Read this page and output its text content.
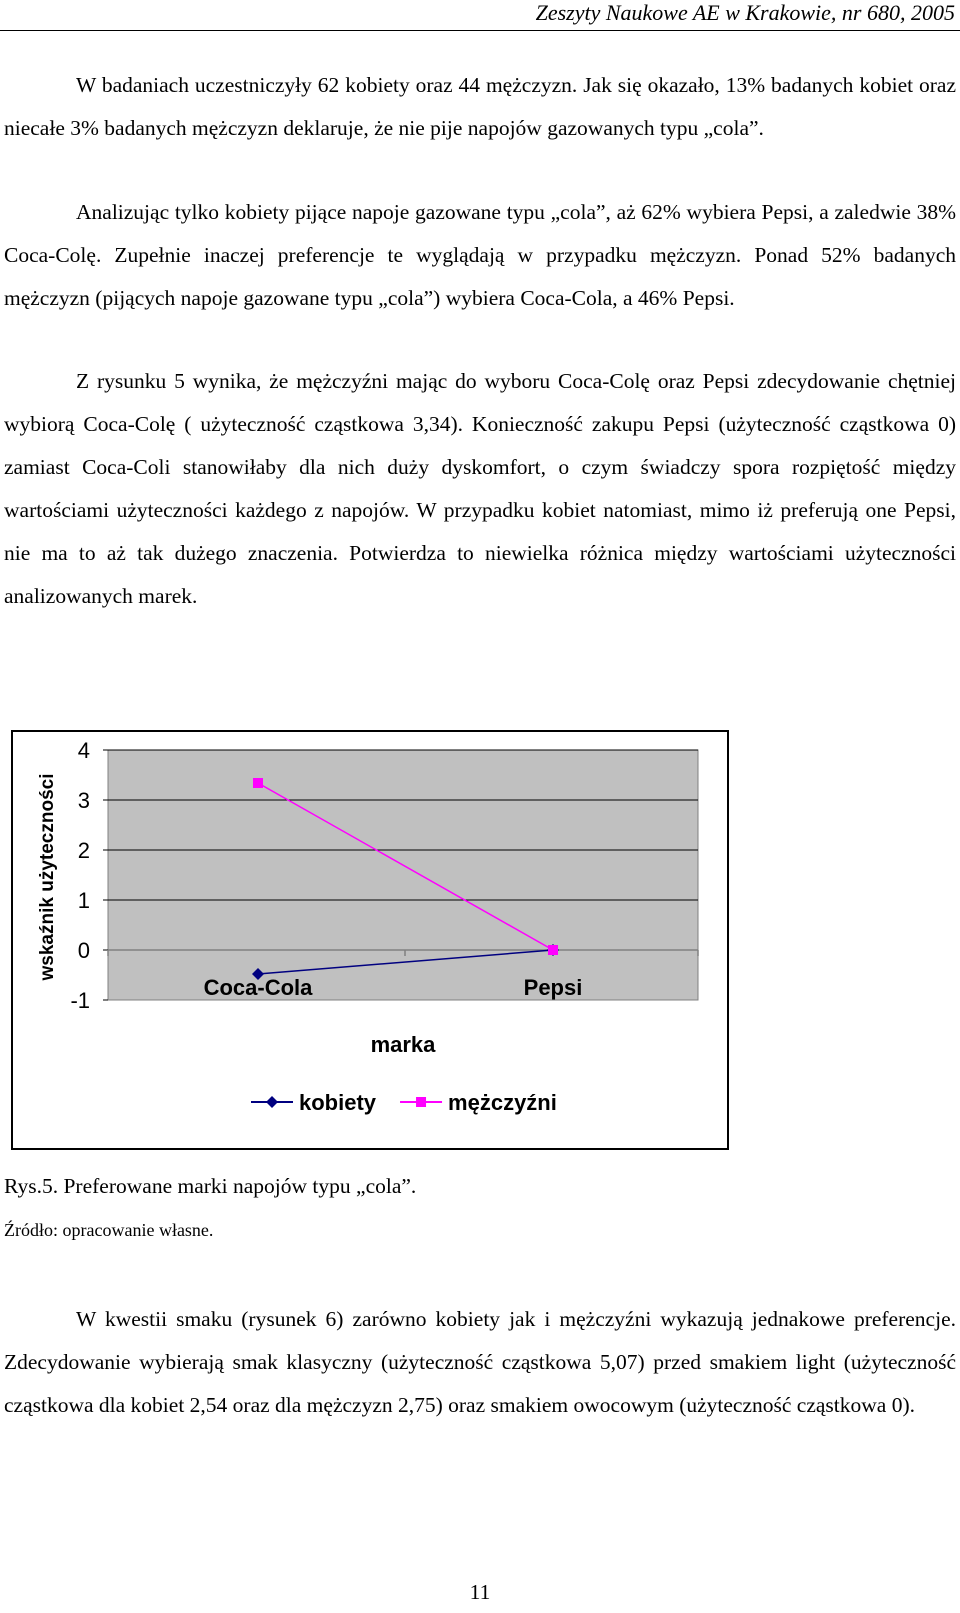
Zeszyty Naukowe AE w Krakowie, nr 680, 2005

W badaniach uczestniczyły 62 kobiety oraz 44 mężczyzn. Jak się okazało, 13% badanych kobiet oraz niecałe 3% badanych mężczyzn deklaruje, że nie pije napojów gazowanych typu „cola”.

Analizując tylko kobiety pijące napoje gazowane typu „cola”, aż 62% wybiera Pepsi, a zaledwie 38% Coca-Colę. Zupełnie inaczej preferencje te wyglądają w przypadku mężczyzn. Ponad 52% badanych mężczyzn (pijących napoje gazowane typu „cola”) wybiera Coca-Cola, a 46% Pepsi.

Z rysunku 5 wynika, że mężczyźni mając do wyboru Coca-Colę oraz Pepsi zdecydowanie chętniej wybiorą Coca-Colę ( użyteczność cząstkowa 3,34). Konieczność zakupu Pepsi (użyteczność cząstkowa 0) zamiast Coca-Coli stanowiłaby dla nich duży dyskomfort, o czym świadczy spora rozpiętość między wartościami użyteczności każdego z napojów. W przypadku kobiet natomiast, mimo iż preferują one Pepsi, nie ma to aż tak dużego znaczenia. Potwierdza to niewielka różnica między wartościami użyteczności analizowanych marek.

4
3
2
1
0
-1
Coca-Cola	Pepsi
wskaźnik użyteczności
marka
kobiety	mężczyźni
Rys.5. Preferowane marki napojów typu „cola”.
Źródło: opracowanie własne.

W kwestii smaku (rysunek 6) zarówno kobiety jak i mężczyźni wykazują jednakowe preferencje. Zdecydowanie wybierają smak klasyczny (użyteczność cząstkowa 5,07) przed smakiem light (użyteczność cząstkowa dla kobiet 2,54 oraz dla mężczyzn 2,75) oraz smakiem owocowym (użyteczność cząstkowa 0).

11
